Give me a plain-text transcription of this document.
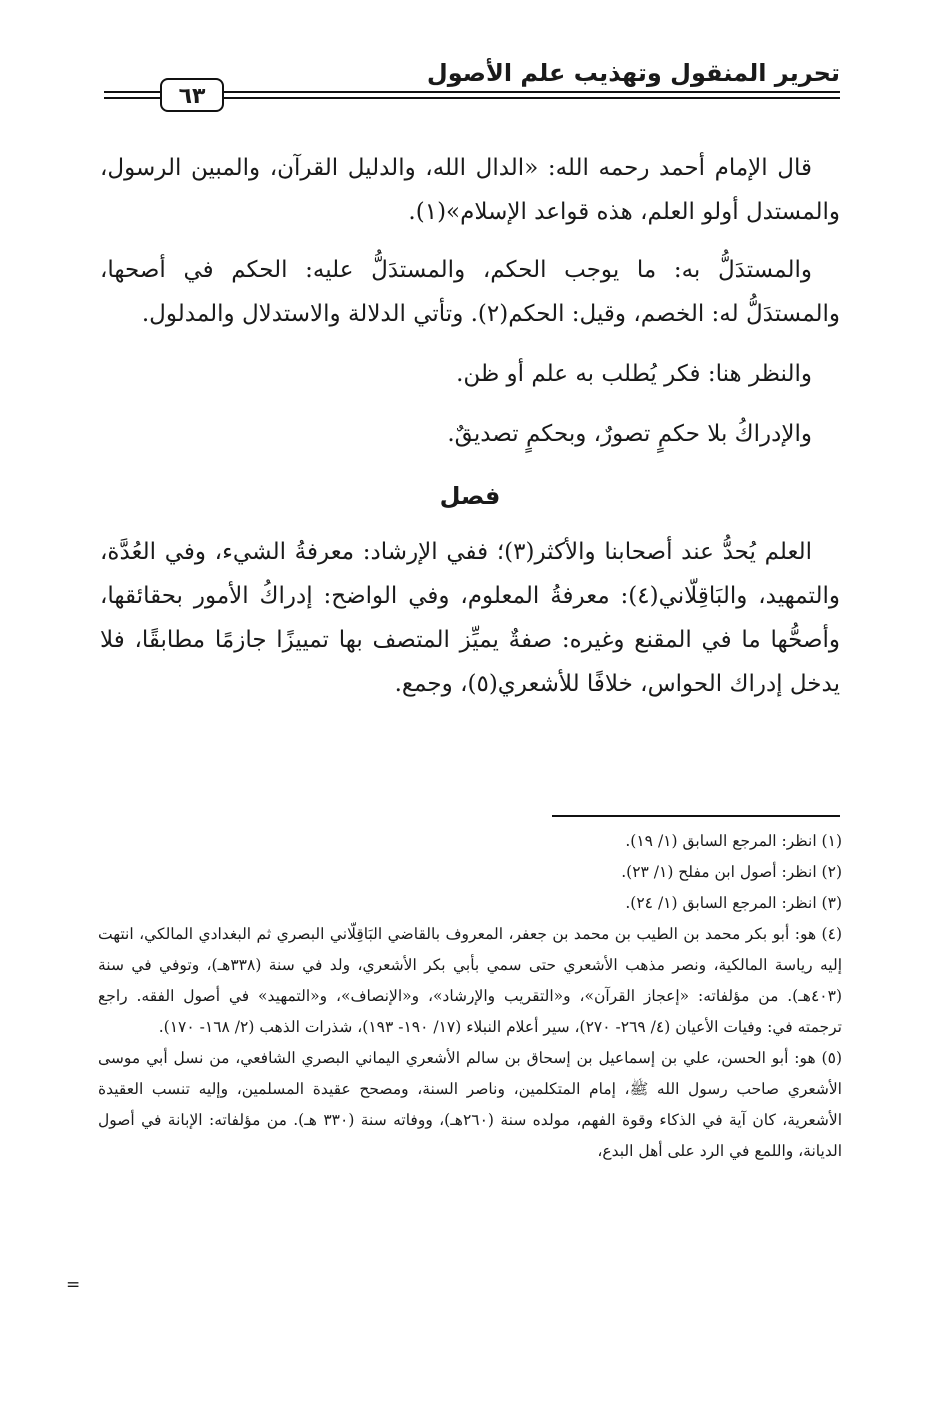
تحرير المنقول وتهذيب علم الأصول
٦٣

قال الإمام أحمد رحمه الله: «الدال الله، والدليل القرآن، والمبين الرسول، والمستدل أولو العلم، هذه قواعد الإسلام»(١).

والمستدَلُّ به: ما يوجب الحكم، والمستدَلُّ عليه: الحكم في أصحها، والمستدَلُّ له: الخصم، وقيل: الحكم(٢). وتأتي الدلالة والاستدلال والمدلول.

والنظر هنا: فكر يُطلب به علم أو ظن.

والإدراكُ بلا حكمٍ تصورٌ، وبحكمٍ تصديقٌ.

فصل

العلم يُحدُّ عند أصحابنا والأكثر(٣)؛ ففي الإرشاد: معرفةُ الشيء، وفي العُدَّة، والتمهيد، والبَاقِلّاني(٤): معرفةُ المعلوم، وفي الواضح: إدراكُ الأمور بحقائقها، وأصحُّها ما في المقنع وغيره: صفةٌ يميِّز المتصف بها تمييزًا جازمًا مطابقًا، فلا يدخل إدراك الحواس، خلافًا للأشعري(٥)، وجمع.

(١) انظر: المرجع السابق (١/ ١٩).

(٢) انظر: أصول ابن مفلح (١/ ٢٣).

(٣) انظر: المرجع السابق (١/ ٢٤).

(٤) هو: أبو بكر محمد بن الطيب بن محمد بن جعفر، المعروف بالقاضي البَاقِلّاني البصري ثم البغدادي المالكي، انتهت إليه رياسة المالكية، ونصر مذهب الأشعري حتى سمي بأبي بكر الأشعري، ولد في سنة (٣٣٨هـ)، وتوفي في سنة (٤٠٣هـ). من مؤلفاته: «إعجاز القرآن»، و«التقريب والإرشاد»، و«الإنصاف»، و«التمهيد» في أصول الفقه. راجع ترجمته في: وفيات الأعيان (٤/ ٢٦٩- ٢٧٠)، سير أعلام النبلاء (١٧/ ١٩٠- ١٩٣)، شذرات الذهب (٢/ ١٦٨- ١٧٠).

(٥) هو: أبو الحسن، علي بن إسماعيل بن إسحاق بن سالم الأشعري اليماني البصري الشافعي، من نسل أبي موسى الأشعري صاحب رسول الله ﷺ، إمام المتكلمين، وناصر السنة، ومصحح عقيدة المسلمين، وإليه تنسب العقيدة الأشعرية، كان آية في الذكاء وقوة الفهم، مولده سنة (٢٦٠هـ)، ووفاته سنة (٣٣٠ هـ). من مؤلفاته: الإبانة في أصول الديانة، واللمع في الرد على أهل البدع،

=
